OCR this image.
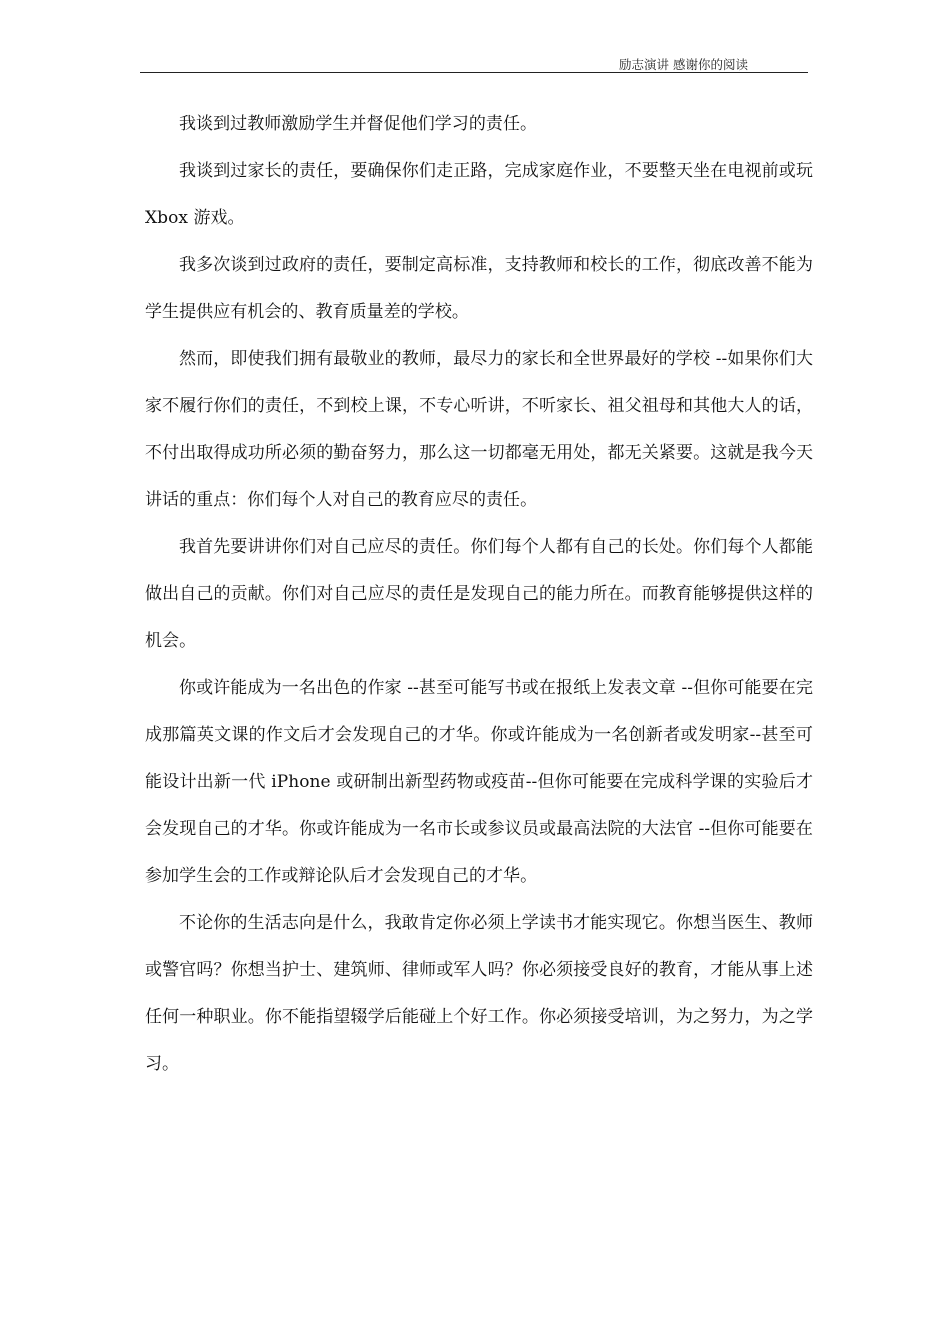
励志演讲 感谢你的阅读

我谈到过教师激励学生并督促他们学习的责任。

我谈到过家长的责任，要确保你们走正路，完成家庭作业，不要整天坐在电视前或玩 Xbox 游戏。

我多次谈到过政府的责任，要制定高标准，支持教师和校长的工作，彻底改善不能为学生提供应有机会的、教育质量差的学校。

然而，即使我们拥有最敬业的教师，最尽力的家长和全世界最好的学校 --如果你们大家不履行你们的责任，不到校上课，不专心听讲，不听家长、祖父祖母和其他大人的话，不付出取得成功所必须的勤奋努力，那么这一切都毫无用处，都无关紧要。这就是我今天讲话的重点：你们每个人对自己的教育应尽的责任。

我首先要讲讲你们对自己应尽的责任。你们每个人都有自己的长处。你们每个人都能做出自己的贡献。你们对自己应尽的责任是发现自己的能力所在。而教育能够提供这样的机会。

你或许能成为一名出色的作家 --甚至可能写书或在报纸上发表文章 --但你可能要在完成那篇英文课的作文后才会发现自己的才华。你或许能成为一名创新者或发明家--甚至可能设计出新一代 iPhone 或研制出新型药物或疫苗--但你可能要在完成科学课的实验后才会发现自己的才华。你或许能成为一名市长或参议员或最高法院的大法官 --但你可能要在参加学生会的工作或辩论队后才会发现自己的才华。

不论你的生活志向是什么，我敢肯定你必须上学读书才能实现它。你想当医生、教师或警官吗？你想当护士、建筑师、律师或军人吗？你必须接受良好的教育，才能从事上述任何一种职业。你不能指望辍学后能碰上个好工作。你必须接受培训，为之努力，为之学习。
